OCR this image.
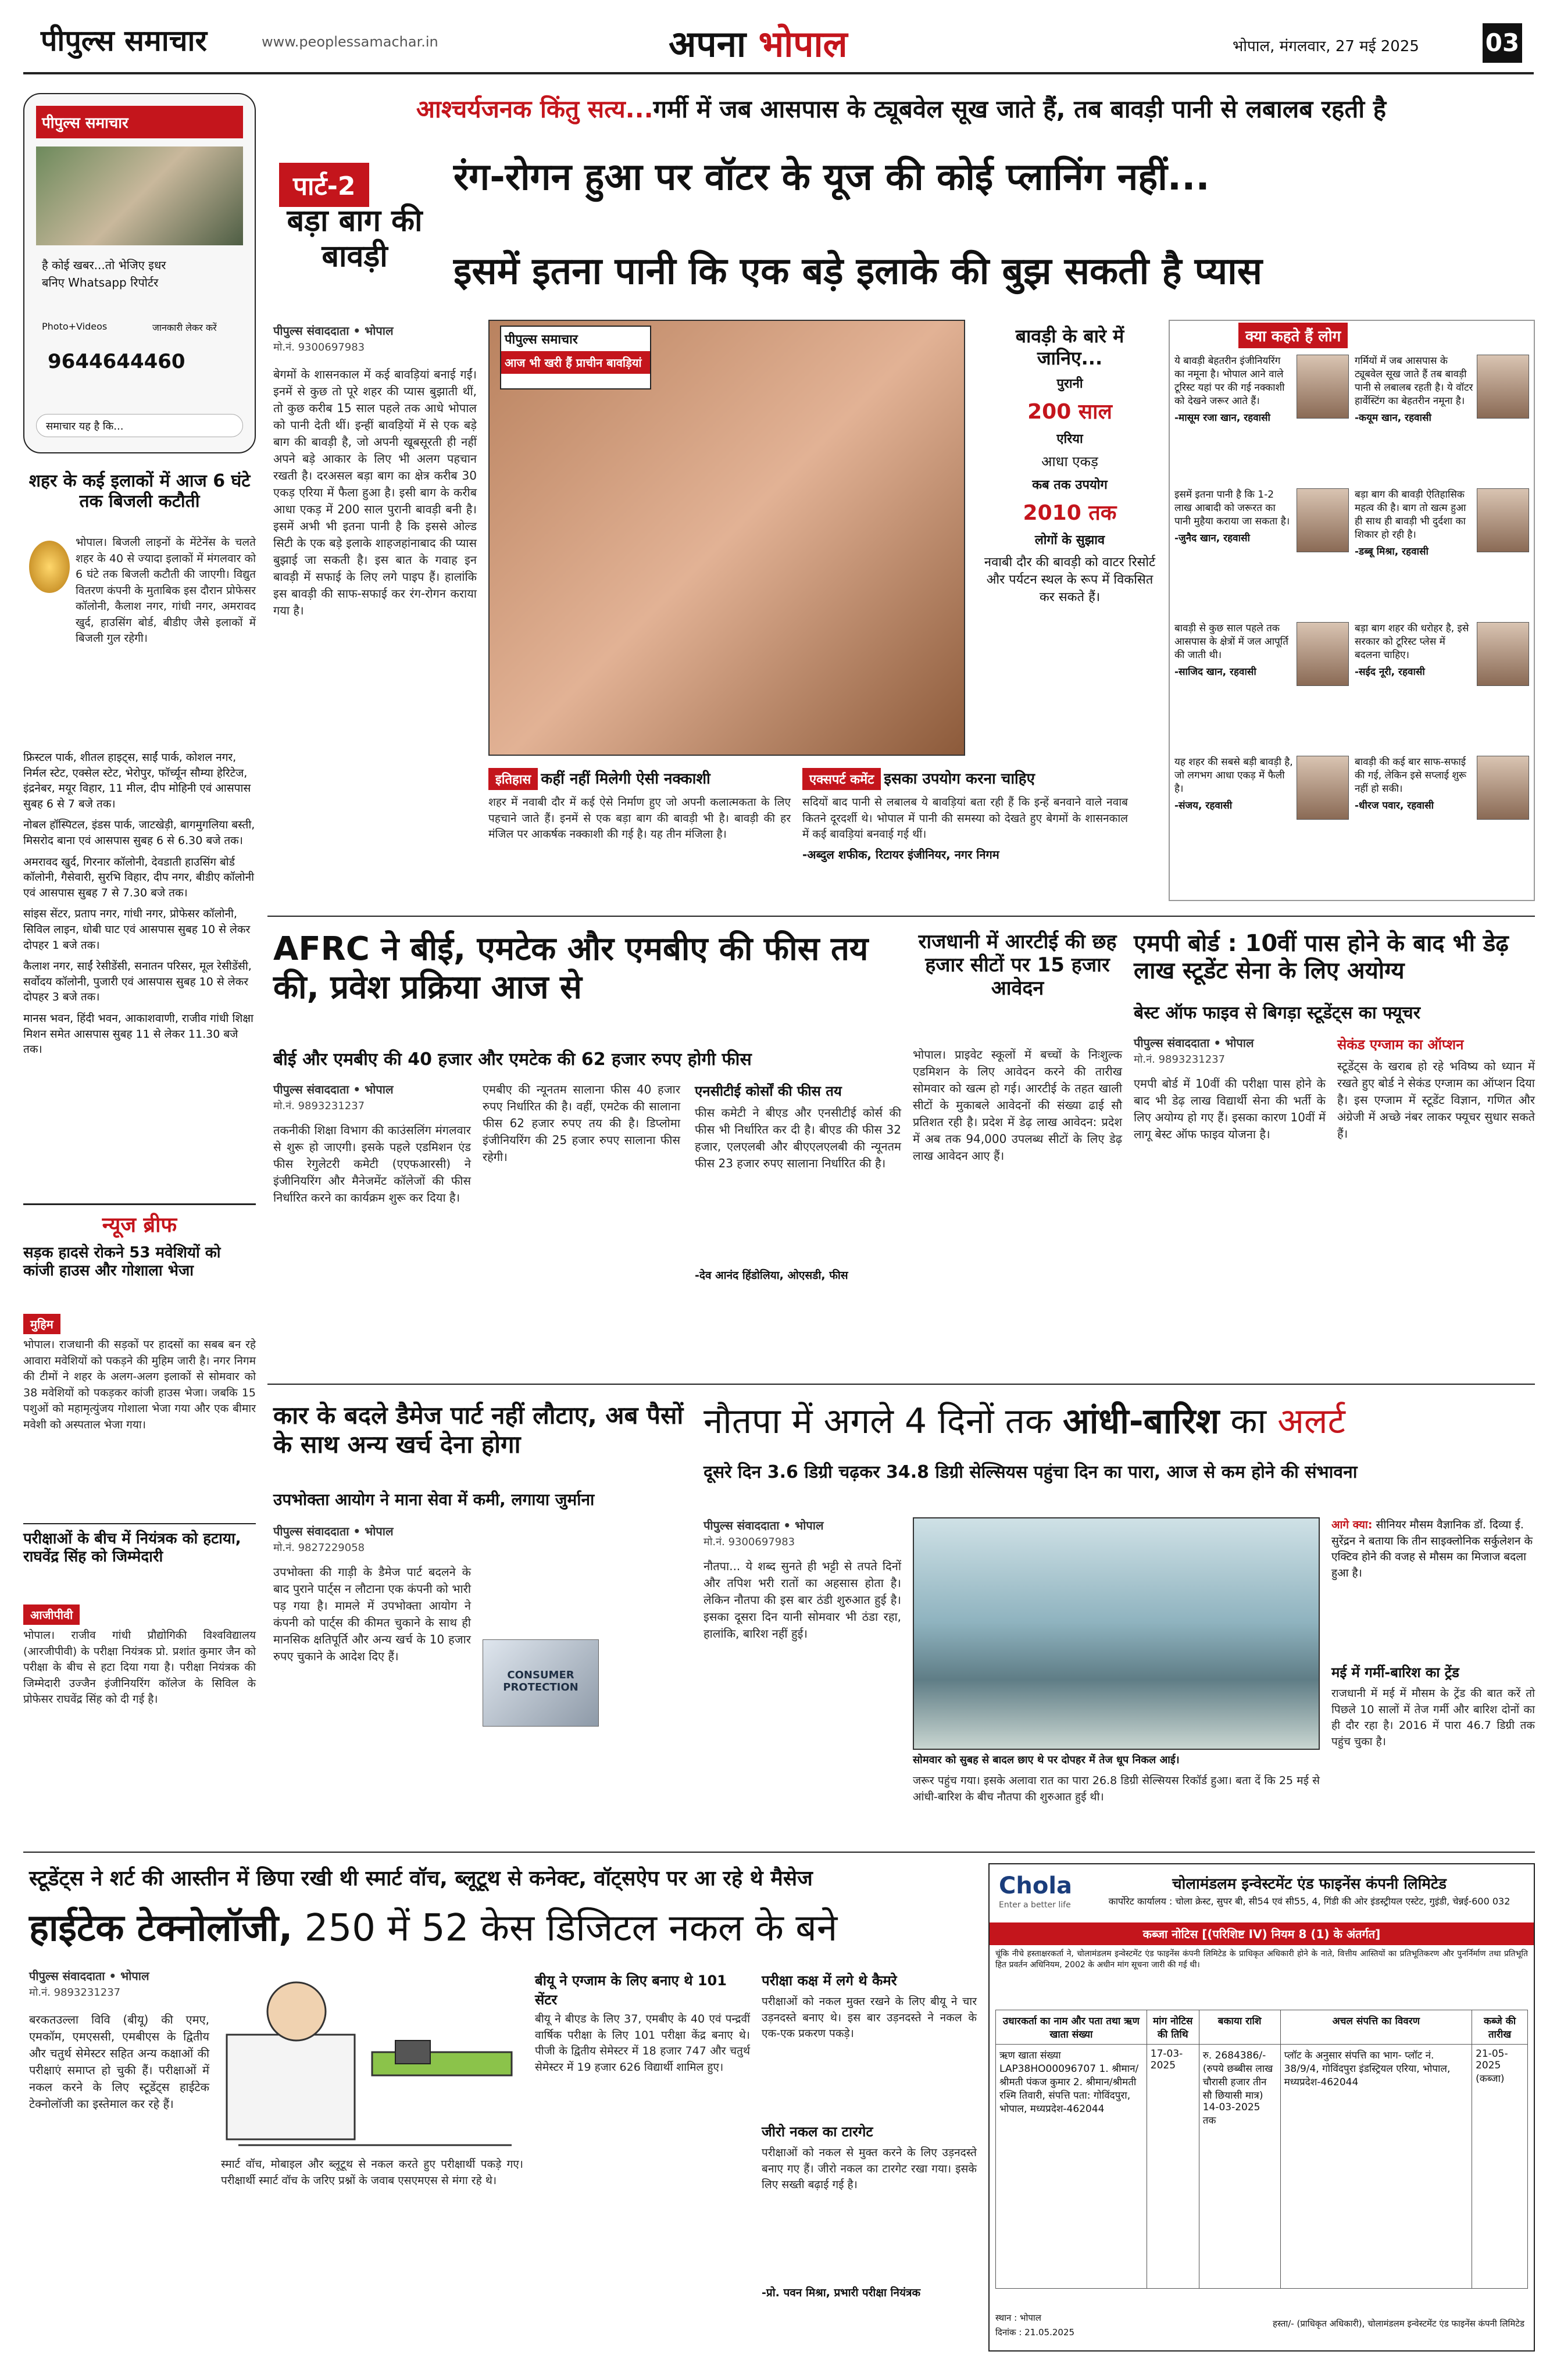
पीपुल्स समाचार	www.peoplessamachar.in	अपना भोपाल	भोपाल, मंगलवार, 27 मई 2025	03
पीपुल्स समाचार
है कोई खबर...तो भेजिए इधर
बनिए Whatsapp रिपोर्टर
Photo+Videos	जानकारी लेकर करें
9644644460
समाचार यह है कि...
शहर के कई इलाकों में आज 6 घंटे तक बिजली कटौती
भोपाल। बिजली लाइनों के मेंटेनेंस के चलते शहर के 40 से ज्यादा इलाकों में मंगलवार को 6 घंटे तक बिजली कटौती की जाएगी। विद्युत वितरण कंपनी के मुताबिक इस दौरान प्रोफेसर कॉलोनी, कैलाश नगर, गांधी नगर, अमरावद खुर्द, हाउसिंग बोर्ड, बीडीए जैसे इलाकों में बिजली गुल रहेगी।
फ्रिस्टल पार्क, शीतल हाइट्स, साईं पार्क, कोशल नगर, निर्मल स्टेट, एक्सेल स्टेट, भेरोपुर, फॉर्च्यून सौम्या हेरिटेज, इंद्रनेबर, मयूर विहार, 11 मील, दीप मोहिनी एवं आसपास सुबह 6 से 7 बजे तक।
नोबल हॉस्पिटल, इंडस पार्क, जाटखेड़ी, बागमुगलिया बस्ती, मिसरोद बाना एवं आसपास सुबह 6 से 6.30 बजे तक।
अमरावद खुर्द, गिरनार कॉलोनी, देवडाती हाउसिंग बोर्ड कॉलोनी, गैसेवारी, सुरभि विहार, दीप नगर, बीडीए कॉलोनी एवं आसपास सुबह 7 से 7.30 बजे तक।
सांइस सेंटर, प्रताप नगर, गांधी नगर, प्रोफेसर कॉलोनी, सिविल लाइन, धोबी घाट एवं आसपास सुबह 10 से लेकर दोपहर 1 बजे तक।
कैलाश नगर, साईं रेसीडेंसी, सनातन परिसर, मूल रेसीडेंसी, सर्वोदय कॉलोनी, पुजारी एवं आसपास सुबह 10 से लेकर दोपहर 3 बजे तक।
मानस भवन, हिंदी भवन, आकाशवाणी, राजीव गांधी शिक्षा मिशन समेत आसपास सुबह 11 से लेकर 11.30 बजे तक।
न्यूज ब्रीफ
सड़क हादसे रोकने 53 मवेशियों को कांजी हाउस और गोशाला भेजा
मुहिम
भोपाल। राजधानी की सड़कों पर हादसों का सबब बन रहे आवारा मवेशियों को पकड़ने की मुहिम जारी है। नगर निगम की टीमों ने शहर के अलग-अलग इलाकों से सोमवार को 38 मवेशियों को पकड़कर कांजी हाउस भेजा। जबकि 15 पशुओं को महामृत्युंजय गोशाला भेजा गया और एक बीमार मवेशी को अस्पताल भेजा गया।
परीक्षाओं के बीच में नियंत्रक को हटाया, राघवेंद्र सिंह को जिम्मेदारी
आजीपीवी
भोपाल। राजीव गांधी प्रौद्योगिकी विश्वविद्यालय (आरजीपीवी) के परीक्षा नियंत्रक प्रो. प्रशांत कुमार जैन को परीक्षा के बीच से हटा दिया गया है। परीक्षा नियंत्रक की जिम्मेदारी उज्जैन इंजीनियरिंग कॉलेज के सिविल के प्रोफेसर राघवेंद्र सिंह को दी गई है।
आश्चर्यजनक किंतु सत्य...गर्मी में जब आसपास के ट्यूबवेल सूख जाते हैं, तब बावड़ी पानी से लबालब रहती है
पार्ट-2
बड़ा बाग की बावड़ी
रंग-रोगन हुआ पर वॉटर के यूज की कोई प्लानिंग नहीं...
इसमें इतना पानी कि एक बड़े इलाके की बुझ सकती है प्यास
पीपुल्स संवाददाता • भोपाल
मो.नं. 9300697983
बेगमों के शासनकाल में कई बावड़ियां बनाई गईं। इनमें से कुछ तो पूरे शहर की प्यास बुझाती थीं, तो कुछ करीब 15 साल पहले तक आधे भोपाल को पानी देती थीं। इन्हीं बावड़ियों में से एक बड़े बाग की बावड़ी है, जो अपनी खूबसूरती ही नहीं अपने बड़े आकार के लिए भी अलग पहचान रखती है। दरअसल बड़ा बाग का क्षेत्र करीब 30 एकड़ एरिया में फैला हुआ है। इसी बाग के करीब आधा एकड़ में 200 साल पुरानी बावड़ी बनी है। इसमें अभी भी इतना पानी है कि इससे ओल्ड सिटी के एक बड़े इलाके शाहजहांनाबाद की प्यास बुझाई जा सकती है। इस बात के गवाह इन बावड़ी में सफाई के लिए लगे पाइप हैं। हालांकि इस बावड़ी की साफ-सफाई कर रंग-रोगन कराया गया है।
पीपुल्स समाचार
आज भी खरी हैं प्राचीन बावड़ियां
बावड़ी के बारे में जानिए...
पुरानी
200 साल
एरिया
आधा एकड़
कब तक उपयोग
2010 तक
लोगों के सुझाव
नवाबी दौर की बावड़ी को वाटर रिसोर्ट और पर्यटन स्थल के रूप में विकसित कर सकते हैं।
इतिहास कहीं नहीं मिलेगी ऐसी नक्काशी
शहर में नवाबी दौर में कई ऐसे निर्माण हुए जो अपनी कलात्मकता के लिए पहचाने जाते हैं। इनमें से एक बड़ा बाग की बावड़ी भी है। बावड़ी की हर मंजिल पर आकर्षक नक्काशी की गई है। यह तीन मंजिला है।
एक्सपर्ट कमेंट इसका उपयोग करना चाहिए
सदियों बाद पानी से लबालब ये बावड़ियां बता रही हैं कि इन्हें बनवाने वाले नवाब कितने दूरदर्शी थे। भोपाल में पानी की समस्या को देखते हुए बेगमों के शासनकाल में कई बावड़ियां बनवाई गई थीं।
-अब्दुल शफीक, रिटायर इंजीनियर, नगर निगम
क्या कहते हैं लोग
ये बावड़ी बेहतरीन इंजीनियरिंग का नमूना है। भोपाल आने वाले टूरिस्ट यहां पर की गई नक्काशी को देखने जरूर आते हैं।
-मासूम रजा खान, रहवासी
गर्मियों में जब आसपास के ट्यूबवेल सूख जाते हैं तब बावड़ी पानी से लबालब रहती है। ये वॉटर हार्वेस्टिंग का बेहतरीन नमूना है।
-कयूम खान, रहवासी
इसमें इतना पानी है कि 1-2 लाख आबादी को जरूरत का पानी मुहैया कराया जा सकता है।
-जुनैद खान, रहवासी
बड़ा बाग की बावड़ी ऐतिहासिक महत्व की है। बाग तो खत्म हुआ ही साथ ही बावड़ी भी दुर्दशा का शिकार हो रही है।
-डब्बू मिश्रा, रहवासी
बावड़ी से कुछ साल पहले तक आसपास के क्षेत्रों में जल आपूर्ति की जाती थी।
-साजिद खान, रहवासी
बड़ा बाग शहर की धरोहर है, इसे सरकार को टूरिस्ट प्लेस में बदलना चाहिए।
-सईद नूरी, रहवासी
यह शहर की सबसे बड़ी बावड़ी है, जो लगभग आधा एकड़ में फैली है।
-संजय, रहवासी
बावड़ी की कई बार साफ-सफाई की गई, लेकिन इसे सप्लाई शुरू नहीं हो सकी।
-धीरज पवार, रहवासी
AFRC ने बीई, एमटेक और एमबीए की फीस तय की, प्रवेश प्रक्रिया आज से
बीई और एमबीए की 40 हजार और एमटेक की 62 हजार रुपए होगी फीस
पीपुल्स संवाददाता • भोपाल
मो.नं. 9893231237
तकनीकी शिक्षा विभाग की काउंसलिंग मंगलवार से शुरू हो जाएगी। इसके पहले एडमिशन एंड फीस रेगुलेटरी कमेटी (एएफआरसी) ने इंजीनियरिंग और मैनेजमेंट कॉलेजों की फीस निर्धारित करने का कार्यक्रम शुरू कर दिया है।
एमबीए की न्यूनतम सालाना फीस 40 हजार रुपए निर्धारित की है। वहीं, एमटेक की सालाना फीस 62 हजार रुपए तय की है। डिप्लोमा इंजीनियरिंग की 25 हजार रुपए सालाना फीस रहेगी।
एनसीटीई कोर्सों की फीस तय
फीस कमेटी ने बीएड और एनसीटीई कोर्स की फीस भी निर्धारित कर दी है। बीएड की फीस 32 हजार, एलएलबी और बीएएलएलबी की न्यूनतम फीस 23 हजार रुपए सालाना निर्धारित की है।
-देव आनंद हिंडोलिया, ओएसडी, फीस
राजधानी में आरटीई की छह हजार सीटों पर 15 हजार आवेदन
भोपाल। प्राइवेट स्कूलों में बच्चों के निःशुल्क एडमिशन के लिए आवेदन करने की तारीख सोमवार को खत्म हो गई। आरटीई के तहत खाली सीटों के मुकाबले आवेदनों की संख्या ढाई सौ प्रतिशत रही है। प्रदेश में डेढ़ लाख आवेदन: प्रदेश में अब तक 94,000 उपलब्ध सीटों के लिए डेढ़ लाख आवेदन आए हैं।
एमपी बोर्ड : 10वीं पास होने के बाद भी डेढ़ लाख स्टूडेंट सेना के लिए अयोग्य
बेस्ट ऑफ फाइव से बिगड़ा स्टूडेंट्स का फ्यूचर
पीपुल्स संवाददाता • भोपाल
मो.नं. 9893231237
एमपी बोर्ड में 10वीं की परीक्षा पास होने के बाद भी डेढ़ लाख विद्यार्थी सेना की भर्ती के लिए अयोग्य हो गए हैं। इसका कारण 10वीं में लागू बेस्ट ऑफ फाइव योजना है।
सेकंड एग्जाम का ऑप्शन
स्टूडेंट्स के खराब हो रहे भविष्य को ध्यान में रखते हुए बोर्ड ने सेकंड एग्जाम का ऑप्शन दिया है। इस एग्जाम में स्टूडेंट विज्ञान, गणित और अंग्रेजी में अच्छे नंबर लाकर फ्यूचर सुधार सकते हैं।
कार के बदले डैमेज पार्ट नहीं लौटाए, अब पैसों के साथ अन्य खर्च देना होगा
उपभोक्ता आयोग ने माना सेवा में कमी, लगाया जुर्माना
पीपुल्स संवाददाता • भोपाल
मो.नं. 9827229058
उपभोक्ता की गाड़ी के डैमेज पार्ट बदलने के बाद पुराने पार्ट्स न लौटाना एक कंपनी को भारी पड़ गया है। मामले में उपभोक्ता आयोग ने कंपनी को पार्ट्स की कीमत चुकाने के साथ ही मानसिक क्षतिपूर्ति और अन्य खर्च के 10 हजार रुपए चुकाने के आदेश दिए हैं।
CONSUMER PROTECTION
नौतपा में अगले 4 दिनों तक आंधी-बारिश का अलर्ट
दूसरे दिन 3.6 डिग्री चढ़कर 34.8 डिग्री सेल्सियस पहुंचा दिन का पारा, आज से कम होने की संभावना
पीपुल्स संवाददाता • भोपाल
मो.नं. 9300697983
नौतपा... ये शब्द सुनते ही भट्टी से तपते दिनों और तपिश भरी रातों का अहसास होता है। लेकिन नौतपा की इस बार ठंडी शुरुआत हुई है। इसका दूसरा दिन यानी सोमवार भी ठंडा रहा, हालांकि, बारिश नहीं हुई।
सोमवार को सुबह से बादल छाए थे पर दोपहर में तेज धूप निकल आई।
जरूर पहुंच गया। इसके अलावा रात का पारा 26.8 डिग्री सेल्सियस रिकॉर्ड हुआ। बता दें कि 25 मई से आंधी-बारिश के बीच नौतपा की शुरुआत हुई थी।
आगे क्या: सीनियर मौसम वैज्ञानिक डॉ. दिव्या ई. सुरेंद्रन ने बताया कि तीन साइक्लोनिक सर्कुलेशन के एक्टिव होने की वजह से मौसम का मिजाज बदला हुआ है।
मई में गर्मी-बारिश का ट्रेंड
राजधानी में मई में मौसम के ट्रेंड की बात करें तो पिछले 10 सालों में तेज गर्मी और बारिश दोनों का ही दौर रहा है। 2016 में पारा 46.7 डिग्री तक पहुंच चुका है।
स्टूडेंट्स ने शर्ट की आस्तीन में छिपा रखी थी स्मार्ट वॉच, ब्लूटूथ से कनेक्ट, वॉट्सऐप पर आ रहे थे मैसेज
हाईटेक टेक्नोलॉजी, 250 में 52 केस डिजिटल नकल के बने
पीपुल्स संवाददाता • भोपाल
मो.नं. 9893231237
बरकतउल्ला विवि (बीयू) की एमए, एमकॉम, एमएससी, एमबीएस के द्वितीय और चतुर्थ सेमेस्टर सहित अन्य कक्षाओं की परीक्षाएं समाप्त हो चुकी हैं। परीक्षाओं में नकल करने के लिए स्टूडेंट्स हाईटेक टेक्नोलॉजी का इस्तेमाल कर रहे हैं।
स्मार्ट वॉच, मोबाइल और ब्लूटूथ से नकल करते हुए परीक्षार्थी पकड़े गए। परीक्षार्थी स्मार्ट वॉच के जरिए प्रश्नों के जवाब एसएमएस से मंगा रहे थे।
बीयू ने एग्जाम के लिए बनाए थे 101 सेंटर
बीयू ने बीएड के लिए 37, एमबीए के 40 एवं पन्द्रवीं वार्षिक परीक्षा के लिए 101 परीक्षा केंद्र बनाए थे। पीजी के द्वितीय सेमेस्टर में 18 हजार 747 और चतुर्थ सेमेस्टर में 19 हजार 626 विद्यार्थी शामिल हुए।
परीक्षा कक्ष में लगे थे कैमरे
परीक्षाओं को नकल मुक्त रखने के लिए बीयू ने चार उड़नदस्ते बनाए थे। इस बार उड़नदस्ते ने नकल के एक-एक प्रकरण पकड़े।
जीरो नकल का टारगेट
परीक्षाओं को नकल से मुक्त करने के लिए उड़नदस्ते बनाए गए हैं। जीरो नकल का टारगेट रखा गया। इसके लिए सख्ती बढ़ाई गई है।
-प्रो. पवन मिश्रा, प्रभारी परीक्षा नियंत्रक
Chola
Enter a better life
चोलामंडलम इन्वेस्टमेंट एंड फाइनेंस कंपनी लिमिटेड
कार्पोरेट कार्यालय : चोला क्रेस्ट, सुपर बी, सी54 एवं सी55, 4, गिंडी की ओर इंडस्ट्रीयल एस्टेट, गुइंडी, चेन्नई-600 032
कब्जा नोटिस [(परिशिष्ट IV) नियम 8 (1) के अंतर्गत]
चूंकि नीचे हस्ताक्षरकर्ता ने, चोलामंडलम इन्वेस्टमेंट एंड फाइनेंस कंपनी लिमिटेड के प्राधिकृत अधिकारी होने के नाते, वित्तीय आस्तियों का प्रतिभूतिकरण और पुनर्निर्माण तथा प्रतिभूति हित प्रवर्तन अधिनियम, 2002 के अधीन मांग सूचना जारी की गई थी।
उधारकर्ता का नाम और पता तथा ऋण खाता संख्या	मांग नोटिस की तिथि	बकाया राशि	अचल संपत्ति का विवरण	कब्जे की तारीख
ऋण खाता संख्या LAP38HO00096707 1. श्रीमान/श्रीमती पंकज कुमार 2. श्रीमान/श्रीमती रश्मि तिवारी, संपत्ति पता: गोविंदपुरा, भोपाल, मध्यप्रदेश-462044	17-03-2025	रु. 2684386/- (रुपये छब्बीस लाख चौरासी हजार तीन सौ छियासी मात्र) 14-03-2025 तक	प्लॉट के अनुसार संपत्ति का भाग- प्लॉट नं. 38/9/4, गोविंदपुरा इंडस्ट्रियल एरिया, भोपाल, मध्यप्रदेश-462044	21-05-2025 (कब्जा)
स्थान : भोपाल
दिनांक : 21.05.2025
हस्ता/- (प्राधिकृत अधिकारी), चोलामंडलम इन्वेस्टमेंट एंड फाइनेंस कंपनी लिमिटेड
